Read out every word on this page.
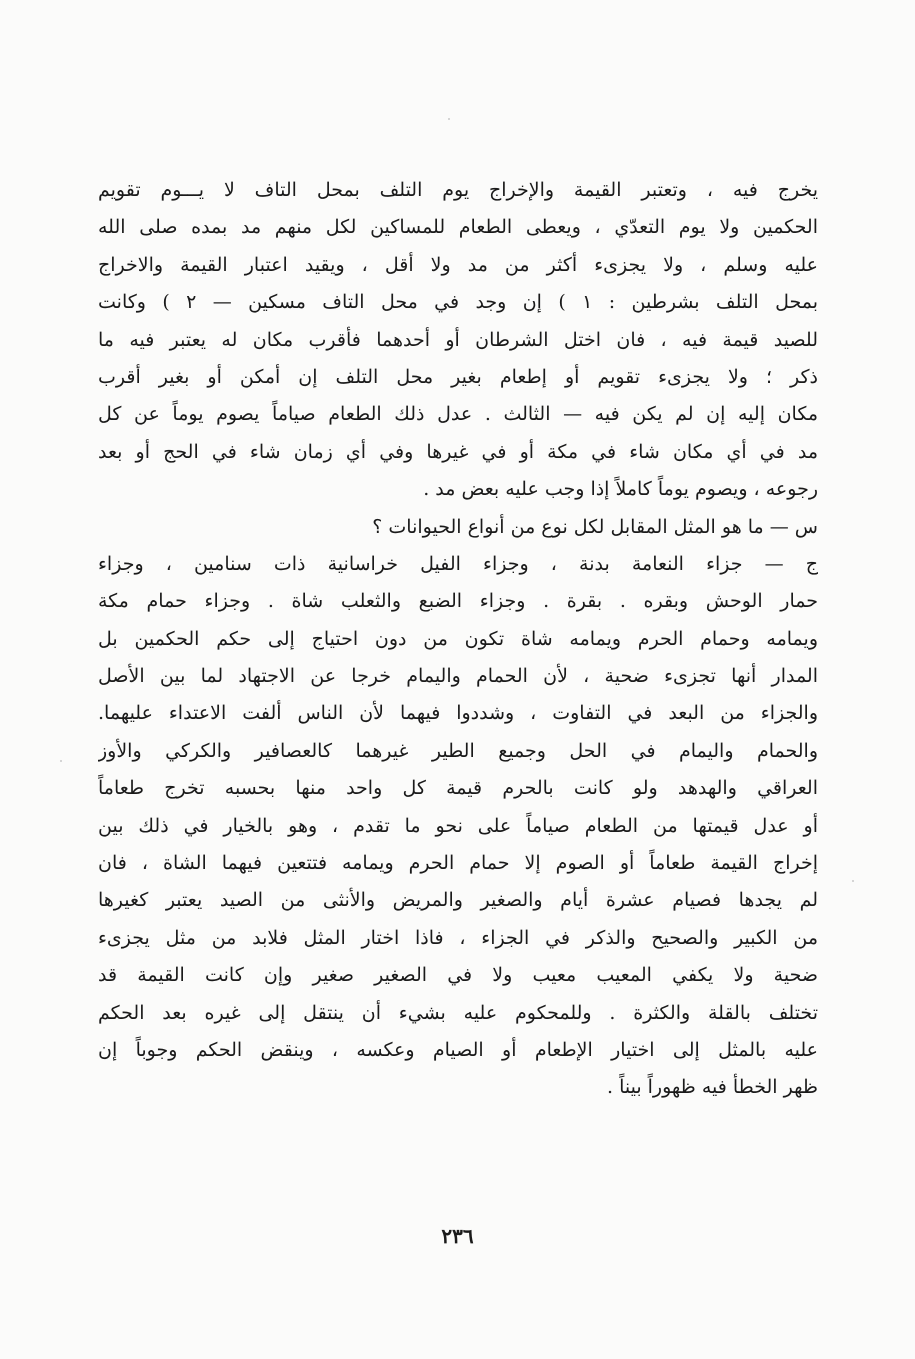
يخرج فيه ، وتعتبر القيمة والإخراج يوم التلف بمحل التاف لا يـــوم تقويم
الحكمين ولا يوم التعدّي ، ويعطى الطعام للمساكين لكل منهم مد بمده صلى الله
عليه وسلم ، ولا يجزىء أكثر من مد ولا أقل ، ويقيد اعتبار القيمة والاخراج
بمحل التلف بشرطين : ١ ) إن وجد في محل التاف مسكين — ٢ ) وكانت
للصيد قيمة فيه ، فان اختل الشرطان أو أحدهما فأقرب مكان له يعتبر فيه ما
ذكر ؛ ولا يجزىء تقويم أو إطعام بغير محل التلف إن أمكن أو بغير أقرب
مكان إليه إن لم يكن فيه — الثالث . عدل ذلك الطعام صياماً يصوم يوماً عن كل
مد في أي مكان شاء في مكة أو في غيرها وفي أي زمان شاء في الحج أو بعد
رجوعه ، ويصوم يوماً كاملاً إذا وجب عليه بعض مد .
س — ما هو المثل المقابل لكل نوع من أنواع الحيوانات ؟
ج — جزاء النعامة بدنة ، وجزاء الفيل خراسانية ذات سنامين ، وجزاء
حمار الوحش وبقره . بقرة . وجزاء الضبع والثعلب شاة . وجزاء حمام مكة
ويمامه وحمام الحرم ويمامه شاة تكون من دون احتياج إلى حكم الحكمين بل
المدار أنها تجزىء ضحية ، لأن الحمام واليمام خرجا عن الاجتهاد لما بين الأصل
والجزاء من البعد في التفاوت ، وشددوا فيهما لأن الناس ألفت الاعتداء عليهما.
والحمام واليمام في الحل وجميع الطير غيرهما كالعصافير والكركي والأوز
العراقي والهدهد ولو كانت بالحرم قيمة كل واحد منها بحسبه تخرج طعاماً
أو عدل قيمتها من الطعام صياماً على نحو ما تقدم ، وهو بالخيار في ذلك بين
إخراج القيمة طعاماً أو الصوم إلا حمام الحرم ويمامه فتتعين فيهما الشاة ، فان
لم يجدها فصيام عشرة أيام والصغير والمريض والأنثى من الصيد يعتبر كغيرها
من الكبير والصحيح والذكر في الجزاء ، فاذا اختار المثل فلابد من مثل يجزىء
ضحية ولا يكفي المعيب معيب ولا في الصغير صغير وإن كانت القيمة قد
تختلف بالقلة والكثرة . وللمحكوم عليه بشيء أن ينتقل إلى غيره بعد الحكم
عليه بالمثل إلى اختيار الإطعام أو الصيام وعكسه ، وينقض الحكم وجوباً إن
ظهر الخطأ فيه ظهوراً بيناً .
٢٣٦
